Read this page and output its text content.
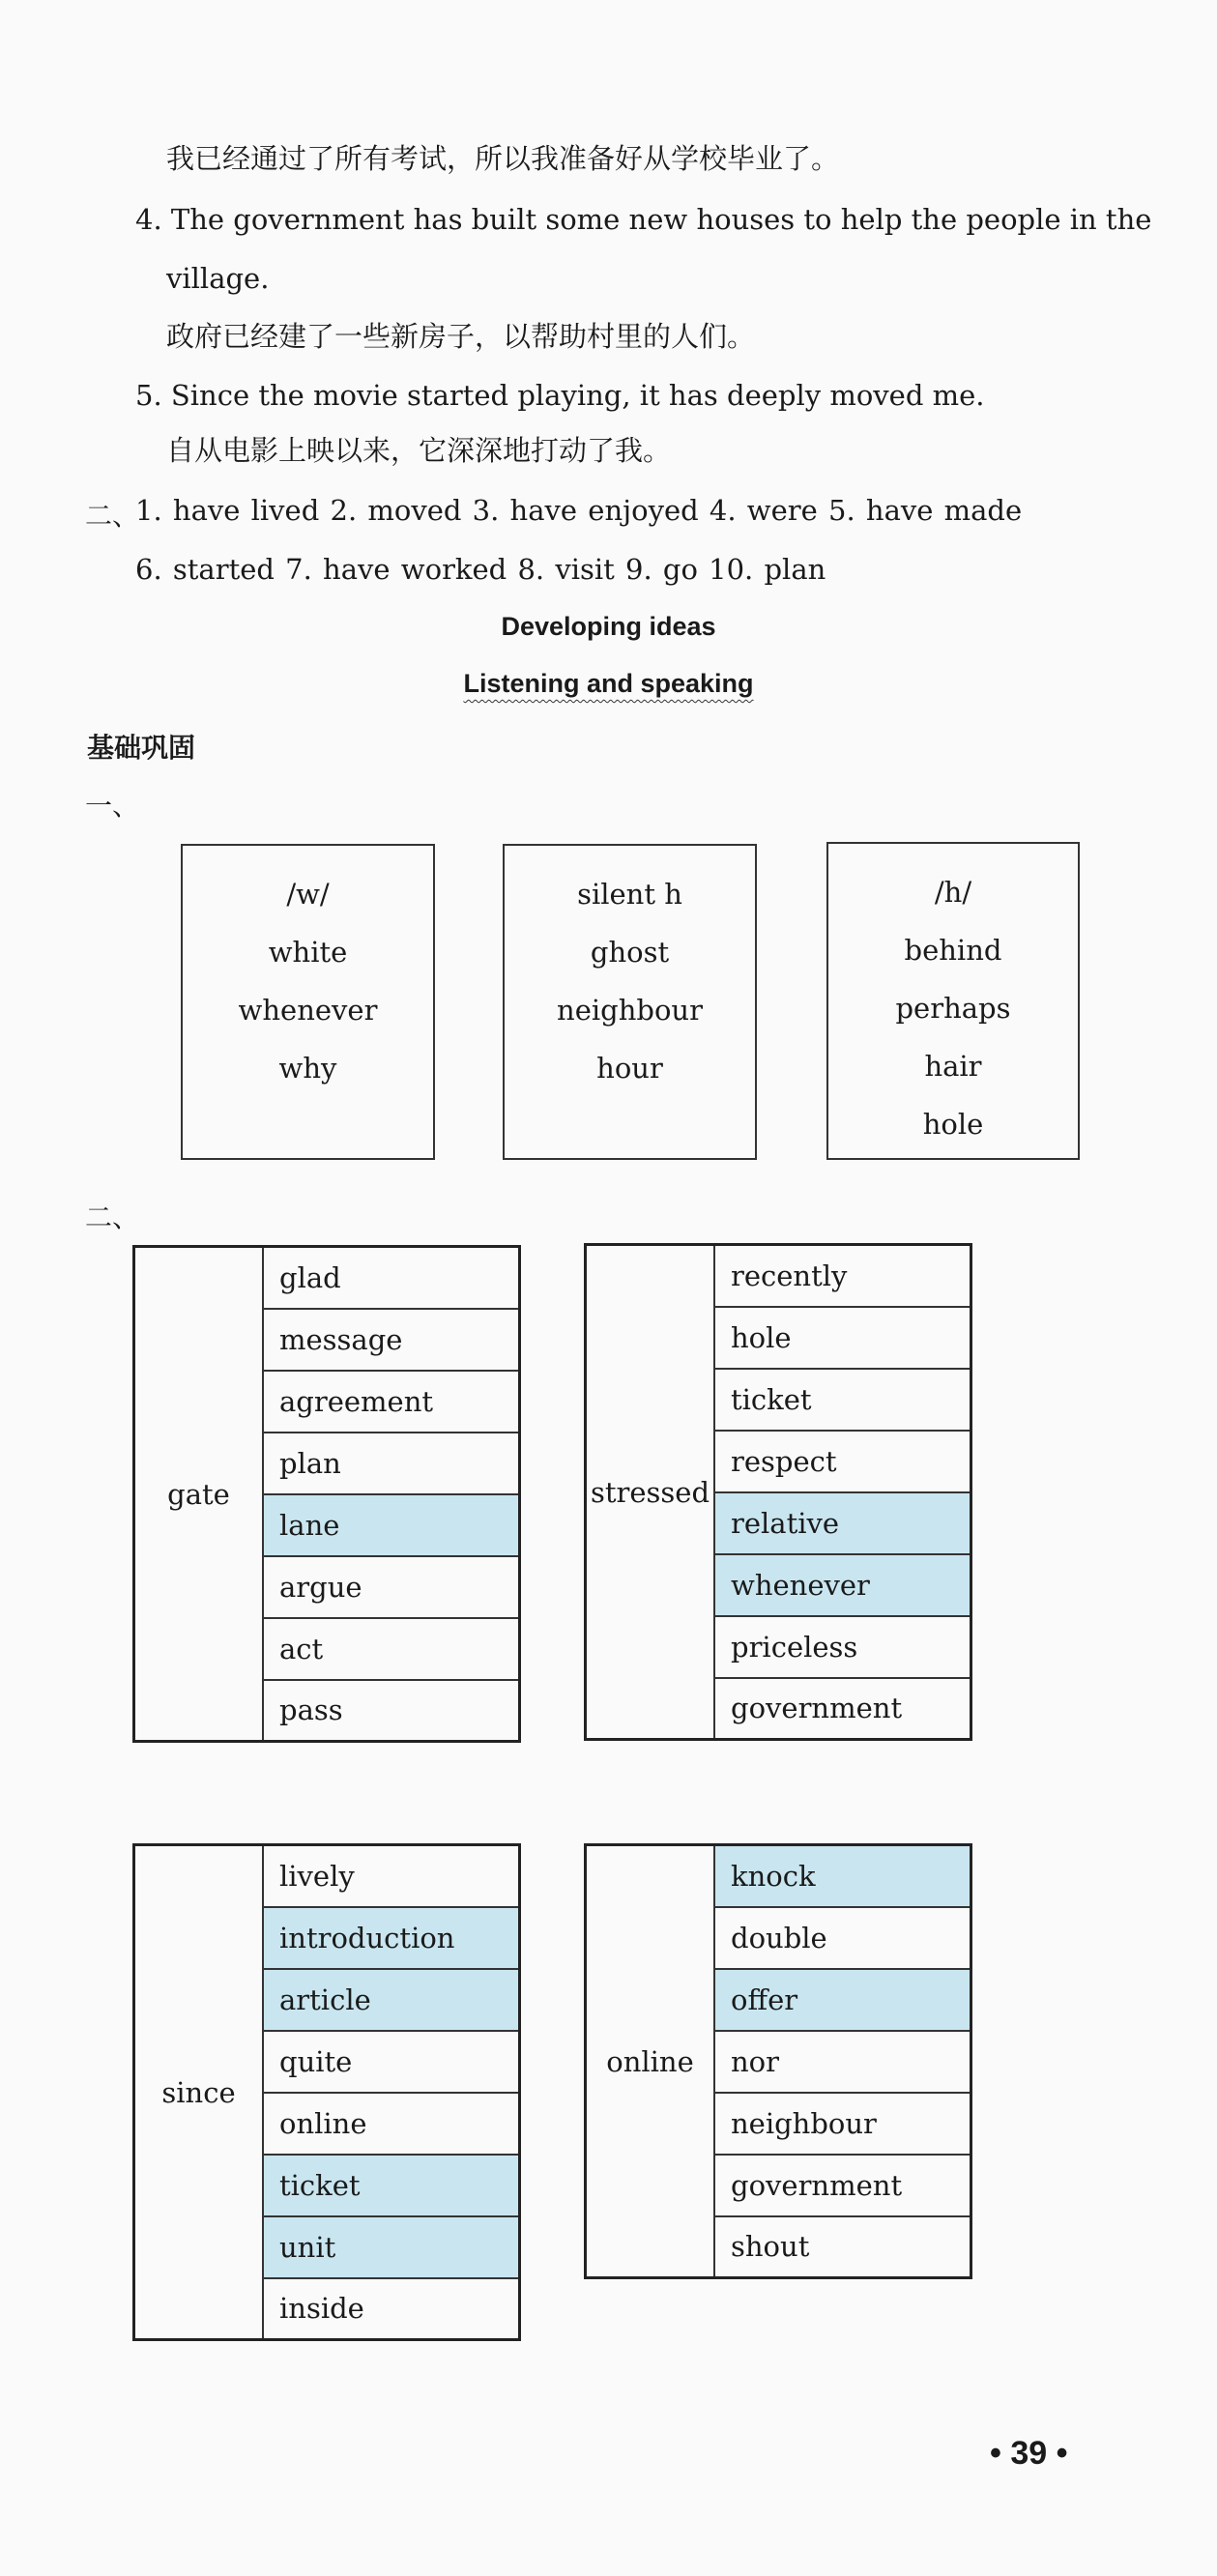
我已经通过了所有考试，所以我准备好从学校毕业了。
4. The government has built some new houses to help the people in the
village.
政府已经建了一些新房子，以帮助村里的人们。
5. Since the movie started playing, it has deeply moved me.
自从电影上映以来，它深深地打动了我。
二、
1. have lived 2. moved 3. have enjoyed 4. were 5. have made
6. started 7. have worked 8. visit 9. go 10. plan
Developing ideas
Listening and speaking
基础巩固
一、
/w/
white
whenever
why
silent h
ghost
neighbour
hour
/h/
behind
perhaps
hair
hole
二、
gate	glad
message
agreement
plan
lane
argue
act
pass
stressed	recently
hole
ticket
respect
relative
whenever
priceless
government
since	lively
introduction
article
quite
online
ticket
unit
inside
online	knock
double
offer
nor
neighbour
government
shout
• 39 •
